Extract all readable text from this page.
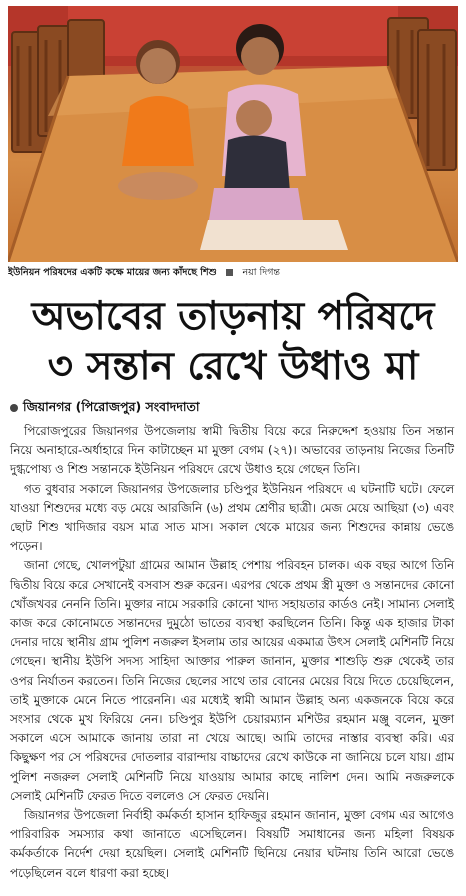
ইউনিয়ন পরিষদের একটি কক্ষে মায়ের জন্য কাঁদছে শিশু	নয়া দিগন্ত
অভাবের তাড়নায় পরিষদে
৩ সন্তান রেখে উধাও মা
জিয়ানগর (পিরোজপুর) সংবাদদাতা

পিরোজপুরের জিয়ানগর উপজেলায় স্বামী দ্বিতীয় বিয়ে করে নিরুদ্দেশ হওয়ায় তিন সন্তান নিয়ে অনাহারে-অর্ধাহারে দিন কাটাচ্ছেন মা মুক্তা বেগম (২৭)। অভাবের তাড়নায় নিজের তিনটি দুগ্ধপোষ্য ও শিশু সন্তানকে ইউনিয়ন পরিষদে রেখে উধাও হয়ে গেছেন তিনি।

গত বুধবার সকালে জিয়ানগর উপজেলার চণ্ডিপুর ইউনিয়ন পরিষদে এ ঘটনাটি ঘটে। ফেলে যাওয়া শিশুদের মধ্যে বড় মেয়ে আরজিনি (৬) প্রথম শ্রেণীর ছাত্রী। মেজ মেয়ে আছিয়া (৩) এবং ছোট শিশু খাদিজার বয়স মাত্র সাত মাস। সকাল থেকে মায়ের জন্য শিশুদের কান্নায় ভেঙে পড়েন।

জানা গেছে, খোলপটুয়া গ্রামের আমান উল্লাহ পেশায় পরিবহন চালক। এক বছর আগে তিনি দ্বিতীয় বিয়ে করে সেখানেই বসবাস শুরু করেন। এরপর থেকে প্রথম স্ত্রী মুক্তা ও সন্তানদের কোনো খোঁজখবর নেননি তিনি। মুক্তার নামে সরকারি কোনো খাদ্য সহায়তার কার্ডও নেই। সামান্য সেলাই কাজ করে কোনোমতে সন্তানদের দুমুঠো ভাতের ব্যবস্থা করছিলেন তিনি। কিন্তু এক হাজার টাকা দেনার দায়ে স্থানীয় গ্রাম পুলিশ নজরুল ইসলাম তার আয়ের একমাত্র উৎস সেলাই মেশিনটি নিয়ে গেছেন। স্থানীয় ইউপি সদস্য সাহিদা আক্তার পারুল জানান, মুক্তার শাশুড়ি শুরু থেকেই তার ওপর নির্যাতন করতেন। তিনি নিজের ছেলের সাথে তার বোনের মেয়ের বিয়ে দিতে চেয়েছিলেন, তাই মুক্তাকে মেনে নিতে পারেননি। এর মধ্যেই স্বামী আমান উল্লাহ অন্য একজনকে বিয়ে করে সংসার থেকে মুখ ফিরিয়ে নেন। চণ্ডিপুর ইউপি চেয়ারম্যান মশিউর রহমান মঞ্জু বলেন, মুক্তা সকালে এসে আমাকে জানায় তারা না খেয়ে আছে। আমি তাদের নাস্তার ব্যবস্থা করি। এর কিছুক্ষণ পর সে পরিষদের দোতলার বারান্দায় বাচ্চাদের রেখে কাউকে না জানিয়ে চলে যায়। গ্রাম পুলিশ নজরুল সেলাই মেশিনটি নিয়ে যাওয়ায় আমার কাছে নালিশ দেন। আমি নজরুলকে সেলাই মেশিনটি ফেরত দিতে বললেও সে ফেরত দেয়নি।

জিয়ানগর উপজেলা নির্বাহী কর্মকর্তা হাসান হাফিজুর রহমান জানান, মুক্তা বেগম এর আগেও পারিবারিক সমস্যার কথা জানাতে এসেছিলেন। বিষয়টি সমাধানের জন্য মহিলা বিষয়ক কর্মকর্তাকে নির্দেশ দেয়া হয়েছিল। সেলাই মেশিনটি ছিনিয়ে নেয়ার ঘটনায় তিনি আরো ভেঙে পড়েছিলেন বলে ধারণা করা হচ্ছে।
